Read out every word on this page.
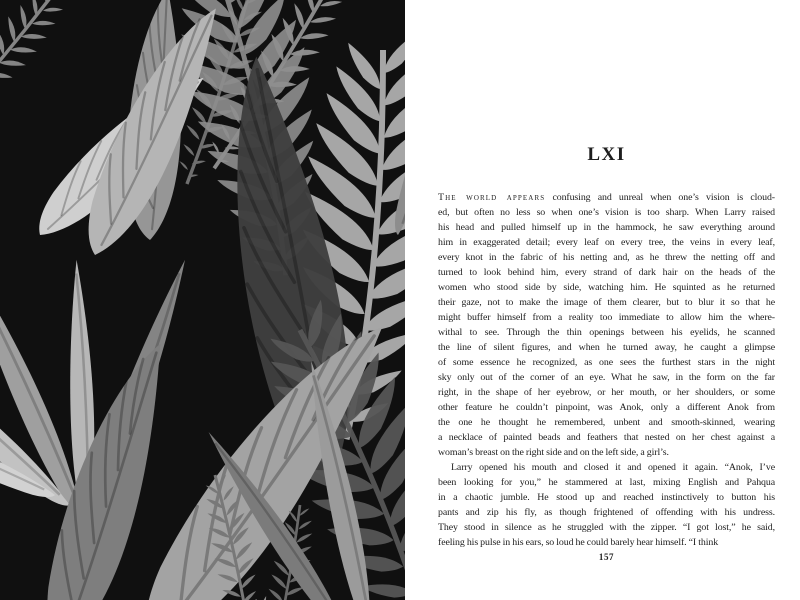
LXI
The world appears confusing and unreal when one’s vision is cloud-
ed, but often no less so when one’s vision is too sharp. When Larry raised
his head and pulled himself up in the hammock, he saw everything around
him in exaggerated detail; every leaf on every tree, the veins in every leaf,
every knot in the fabric of his netting and, as he threw the netting off and
turned to look behind him, every strand of dark hair on the heads of the
women who stood side by side, watching him. He squinted as he returned
their gaze, not to make the image of them clearer, but to blur it so that he
might buffer himself from a reality too immediate to allow him the where-
withal to see. Through the thin openings between his eyelids, he scanned
the line of silent figures, and when he turned away, he caught a glimpse
of some essence he recognized, as one sees the furthest stars in the night
sky only out of the corner of an eye. What he saw, in the form on the far
right, in the shape of her eyebrow, or her mouth, or her shoulders, or some
other feature he couldn’t pinpoint, was Anok, only a different Anok from
the one he thought he remembered, unbent and smooth-skinned, wearing
a necklace of painted beads and feathers that nested on her chest against a
woman’s breast on the right side and on the left side, a girl’s.
Larry opened his mouth and closed it and opened it again. “Anok, I’ve
been looking for you,” he stammered at last, mixing English and Pahqua
in a chaotic jumble. He stood up and reached instinctively to button his
pants and zip his fly, as though frightened of offending with his undress.
They stood in silence as he struggled with the zipper. “I got lost,” he said,
feeling his pulse in his ears, so loud he could barely hear himself. “I think
157
